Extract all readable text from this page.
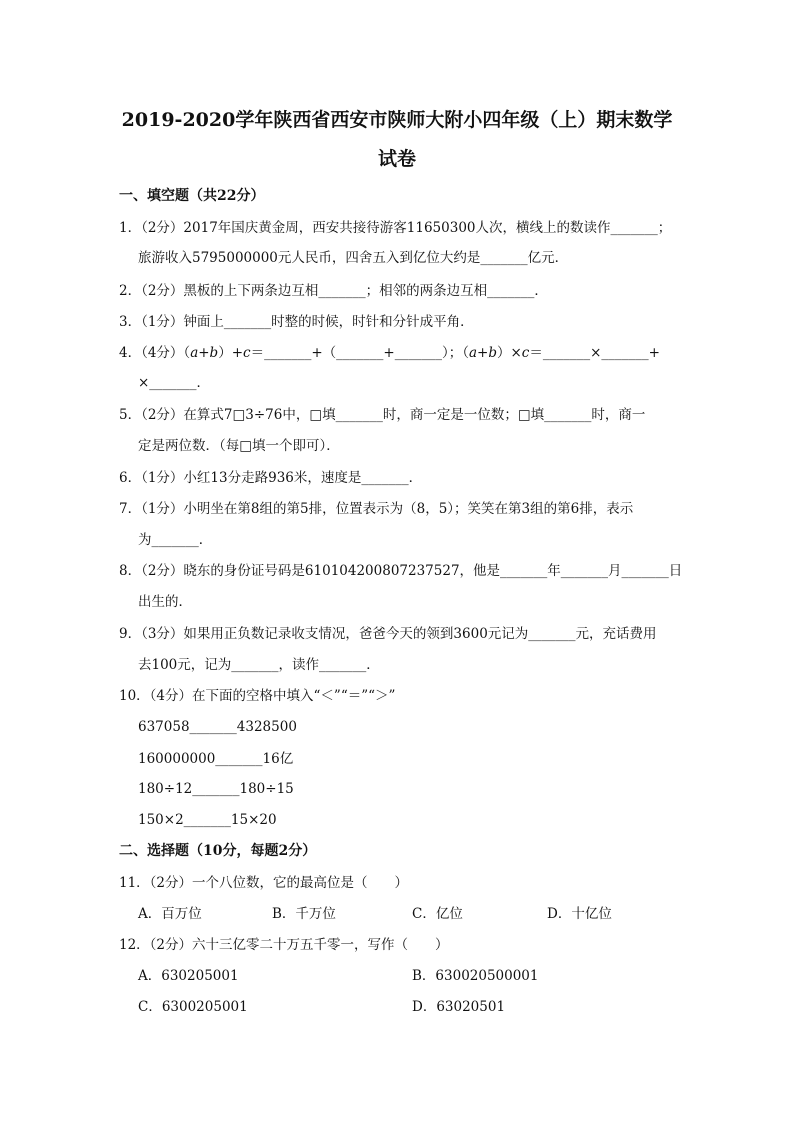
2019-2020学年陕西省西安市陕师大附小四年级（上）期末数学
试卷
一、填空题（共22分）
1．（2分）2017年国庆黄金周，西安共接待游客11650300人次，横线上的数读作_______；
旅游收入5795000000元人民币，四舍五入到亿位大约是_______亿元．
2．（2分）黑板的上下两条边互相_______；相邻的两条边互相_______．
3．（1分）钟面上_______时整的时候，时针和分针成平角．
4．（4分）（a+b）+c＝_______+（_______+_______）；（a+b）×c＝_______×_______+
×_______．
5．（2分）在算式7□3÷76中，□填_______时，商一定是一位数；□填_______时，商一
定是两位数．（每□填一个即可）．
6．（1分）小红13分走路936米，速度是_______．
7．（1分）小明坐在第8组的第5排，位置表示为（8，5）；笑笑在第3组的第6排，表示
为_______．
8．（2分）晓东的身份证号码是610104200807237527，他是_______年_______月_______日
出生的．
9．（3分）如果用正负数记录收支情况，爸爸今天的领到3600元记为_______元，充话费用
去100元，记为_______，读作_______．
10．（4分）在下面的空格中填入“＜”“＝”“＞”
637058_______4328500
160000000_______16亿
180÷12_______180÷15
150×2_______15×20
二、选择题（10分，每题2分）
11．（2分）一个八位数，它的最高位是（　　）
A．百万位	B．千万位	C．亿位	D．十亿位
12．（2分）六十三亿零二十万五千零一，写作（　　）
A．630205001	B．630020500001
C．6300205001	D．63020501
